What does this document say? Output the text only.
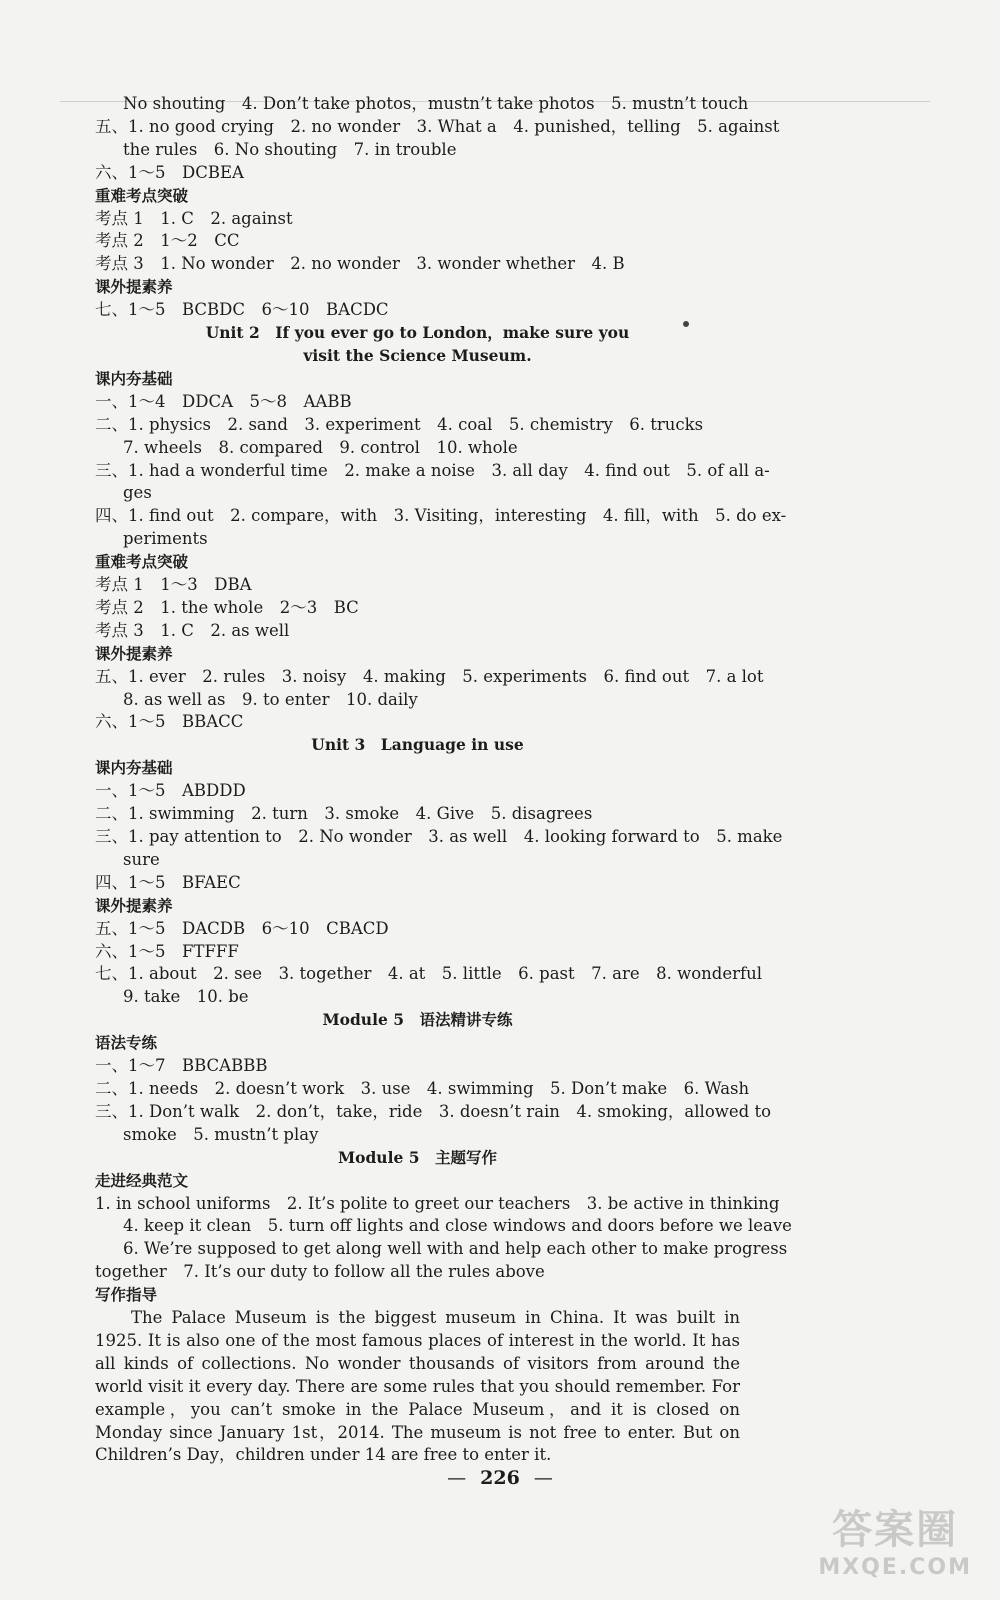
No shouting　4. Don’t take photos，mustn’t take photos　5. mustn’t touch
五、1. no good crying　2. no wonder　3. What a　4. punished，telling　5. against
the rules　6. No shouting　7. in trouble
六、1～5　DCBEA
重难考点突破
考点 1　1. C　2. against
考点 2　1～2　CC
考点 3　1. No wonder　2. no wonder　3. wonder whether　4. B
课外提素养
七、1～5　BCBDC　6～10　BACDC
Unit 2　If you ever go to London，make sure you
visit the Science Museum.
课内夯基础
一、1～4　DDCA　5～8　AABB
二、1. physics　2. sand　3. experiment　4. coal　5. chemistry　6. trucks
7. wheels　8. compared　9. control　10. whole
三、1. had a wonderful time　2. make a noise　3. all day　4. find out　5. of all a-
ges
四、1. find out　2. compare，with　3. Visiting，interesting　4. fill，with　5. do ex-
periments
重难考点突破
考点 1　1～3　DBA
考点 2　1. the whole　2～3　BC
考点 3　1. C　2. as well
课外提素养
五、1. ever　2. rules　3. noisy　4. making　5. experiments　6. find out　7. a lot
8. as well as　9. to enter　10. daily
六、1～5　BBACC
Unit 3　Language in use
课内夯基础
一、1～5　ABDDD
二、1. swimming　2. turn　3. smoke　4. Give　5. disagrees
三、1. pay attention to　2. No wonder　3. as well　4. looking forward to　5. make
sure
四、1～5　BFAEC
课外提素养
五、1～5　DACDB　6～10　CBACD
六、1～5　FTFFF
七、1. about　2. see　3. together　4. at　5. little　6. past　7. are　8. wonderful
9. take　10. be
Module 5　语法精讲专练
语法专练
一、1～7　BBCABBB
二、1. needs　2. doesn’t work　3. use　4. swimming　5. Don’t make　6. Wash
三、1. Don’t walk　2. don’t，take，ride　3. doesn’t rain　4. smoking，allowed to
smoke　5. mustn’t play
Module 5　主题写作
走进经典范文
1. in school uniforms　2. It’s polite to greet our teachers　3. be active in thinking
4. keep it clean　5. turn off lights and close windows and doors before we leave
6. We’re supposed to get along well with and help each other to make progress
together　7. It’s our duty to follow all the rules above
写作指导

The Palace Museum is the biggest museum in China. It was built in 1925. It is also one of the most famous places of interest in the world. It has all kinds of collections. No wonder thousands of visitors from around the world visit it every day. There are some rules that you should remember. For example，you can’t smoke in the Palace Museum，and it is closed on Monday since January 1st，2014. The museum is not free to enter. But on Children’s Day，children under 14 are free to enter it.

— 226 —
答案圈
MXQE.COM
